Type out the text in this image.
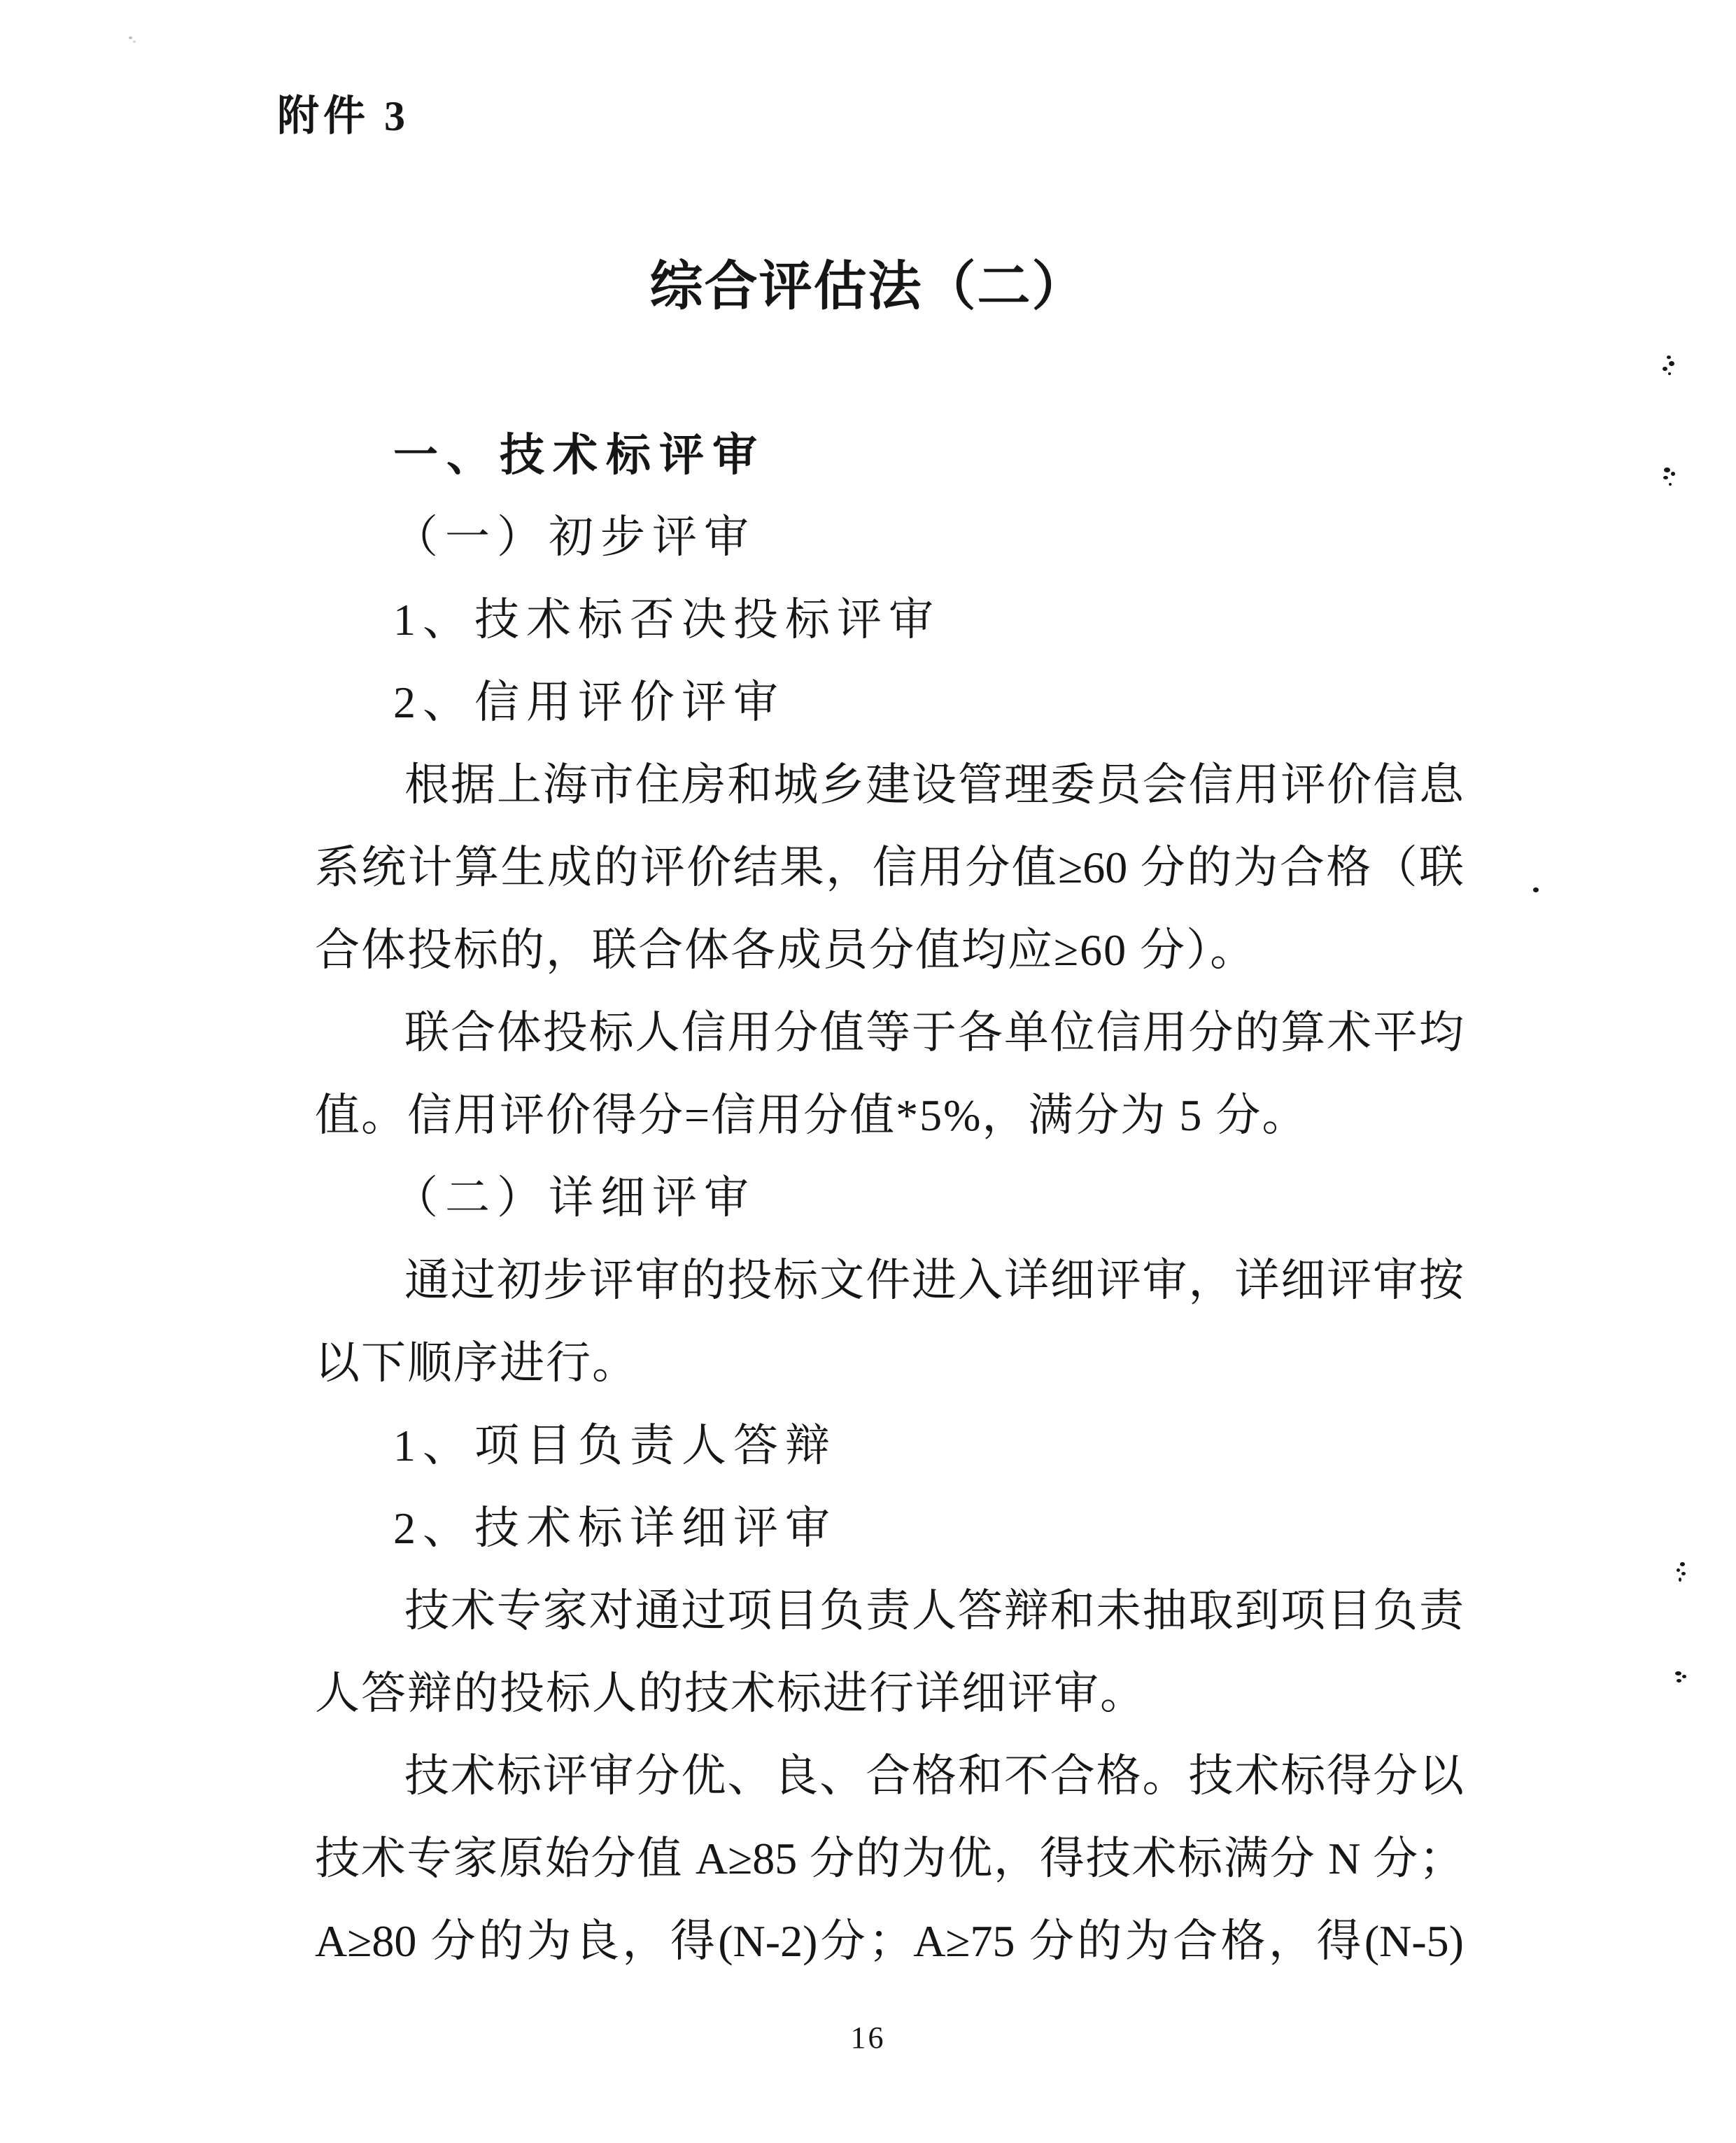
附件 3
综合评估法（二）
一、技术标评审
（一）初步评审
1、技术标否决投标评审
2、信用评价评审
根据上海市住房和城乡建设管理委员会信用评价信息
系统计算生成的评价结果，信用分值≥60 分的为合格（联
合体投标的，联合体各成员分值均应≥60 分）。
联合体投标人信用分值等于各单位信用分的算术平均
值。信用评价得分=信用分值*5%，满分为 5 分。
（二）详细评审
通过初步评审的投标文件进入详细评审，详细评审按
以下顺序进行。
1、项目负责人答辩
2、技术标详细评审
技术专家对通过项目负责人答辩和未抽取到项目负责
人答辩的投标人的技术标进行详细评审。
技术标评审分优、良、合格和不合格。技术标得分以
技术专家原始分值 A≥85 分的为优，得技术标满分 N 分；
A≥80 分的为良，得(N-2)分；A≥75 分的为合格，得(N-5)
16
